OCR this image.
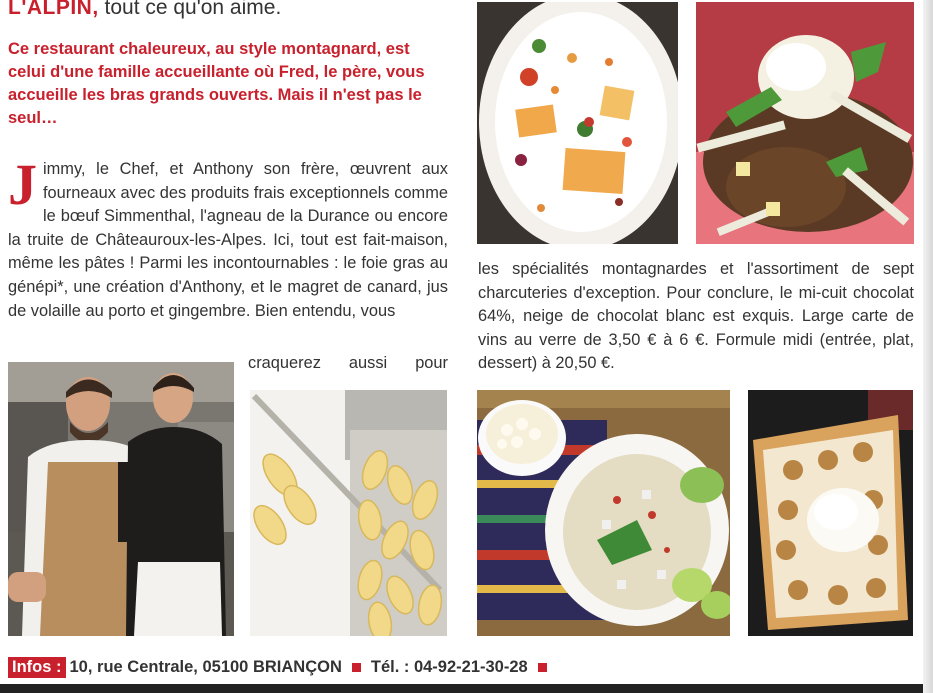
L'ALPIN, tout ce qu'on aime.

Ce restaurant chaleureux, au style montagnard, est celui d'une famille accueillante où Fred, le père, vous accueille les bras grands ouverts. Mais il n'est pas le seul…

J immy, le Chef, et Anthony son frère, œuvrent aux fourneaux avec des produits frais exceptionnels comme le bœuf Simmenthal, l'agneau de la Durance ou encore la truite de Châteauroux-les-Alpes. Ici, tout est fait-maison, même les pâtes ! Parmi les incontournables : le foie gras au génépi*, une création d'Anthony, et le magret de canard, jus de volaille au porto et gingembre. Bien entendu, vous
craquerez aussi pour
les spécialités montagnardes et l'assortiment de sept charcuteries d'exception. Pour conclure, le mi-cuit chocolat 64%, neige de chocolat blanc est exquis. Large carte de vins au verre de 3,50 € à 6 €. Formule midi (entrée, plat, dessert) à 20,50 €.
Infos : 10, rue Centrale, 05100 BRIANÇON Tél. : 04-92-21-30-28
